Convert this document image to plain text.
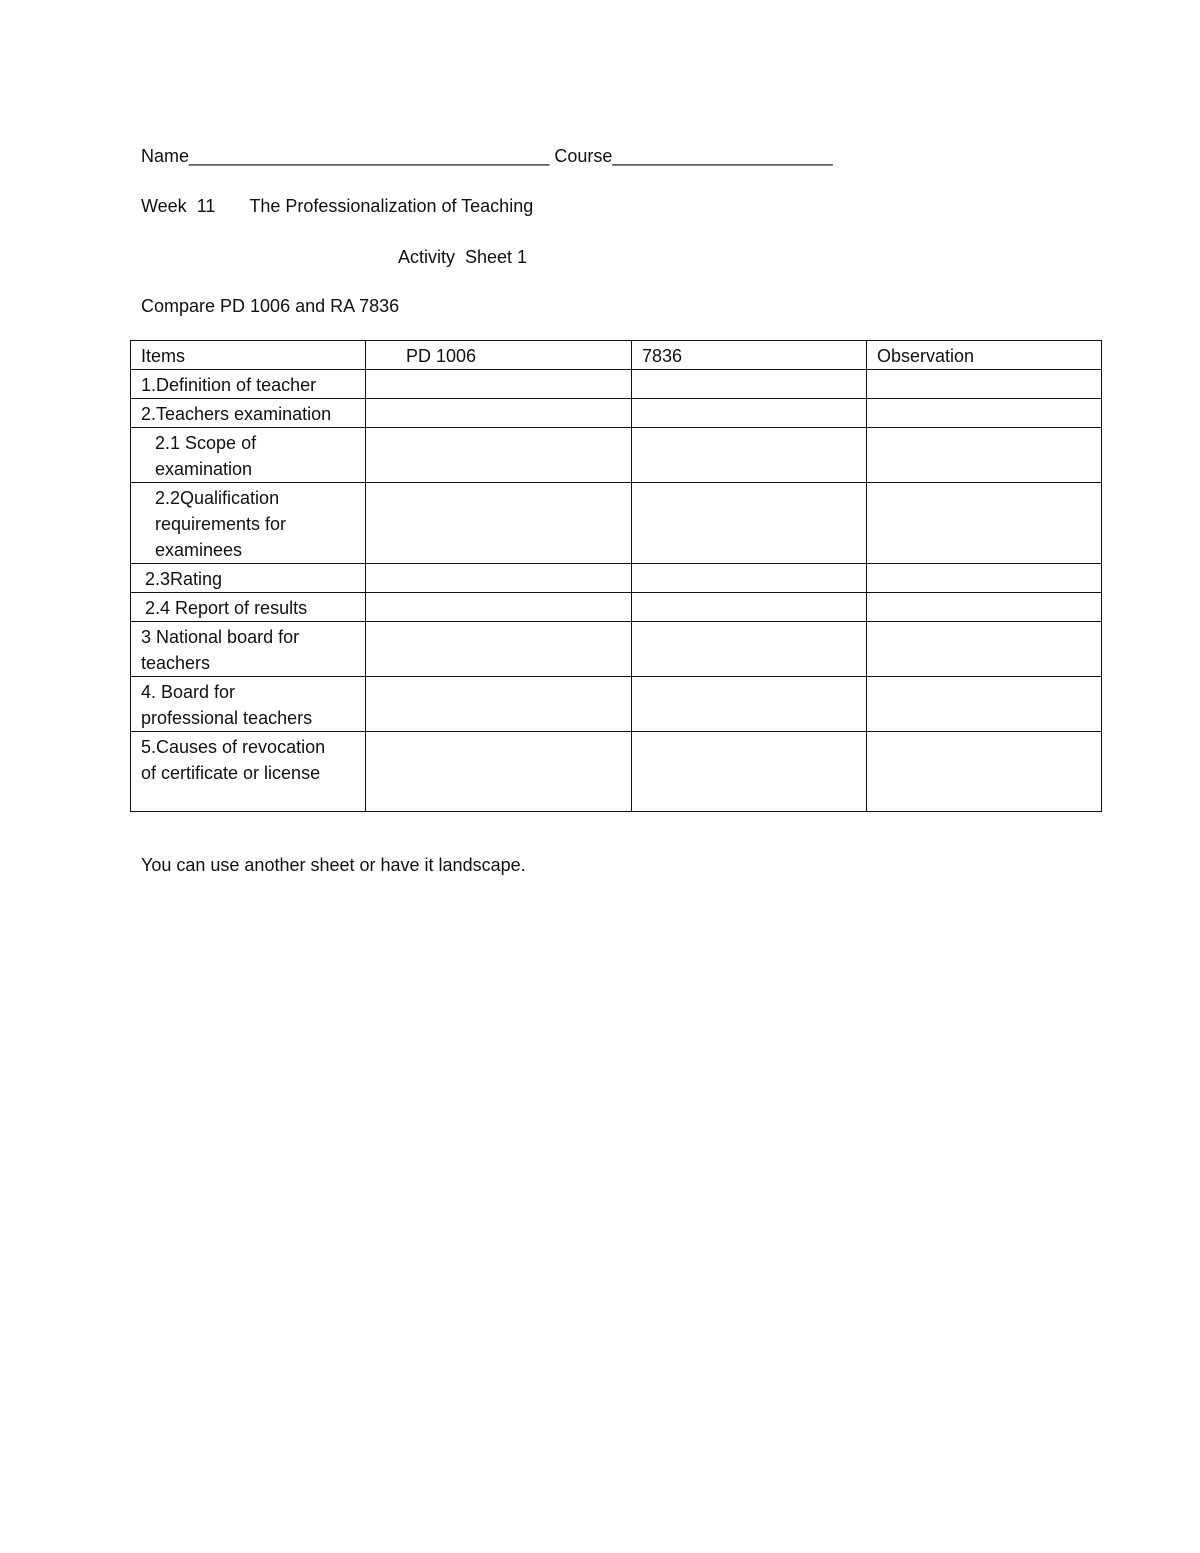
Name____________________________________ Course______________________
Week  11 The Professionalization of Teaching
Activity  Sheet 1
Compare PD 1006 and RA 7836
Items	PD 1006	7836	Observation

1.Definition of teacher			

2.Teachers examination			

2.1 Scope of
examination			

2.2Qualification
requirements for
examinees			

2.3Rating			

2.4 Report of results			

3 National board for
teachers			

4. Board for
professional teachers			

5.Causes of revocation
of certificate or license			

You can use another sheet or have it landscape.
